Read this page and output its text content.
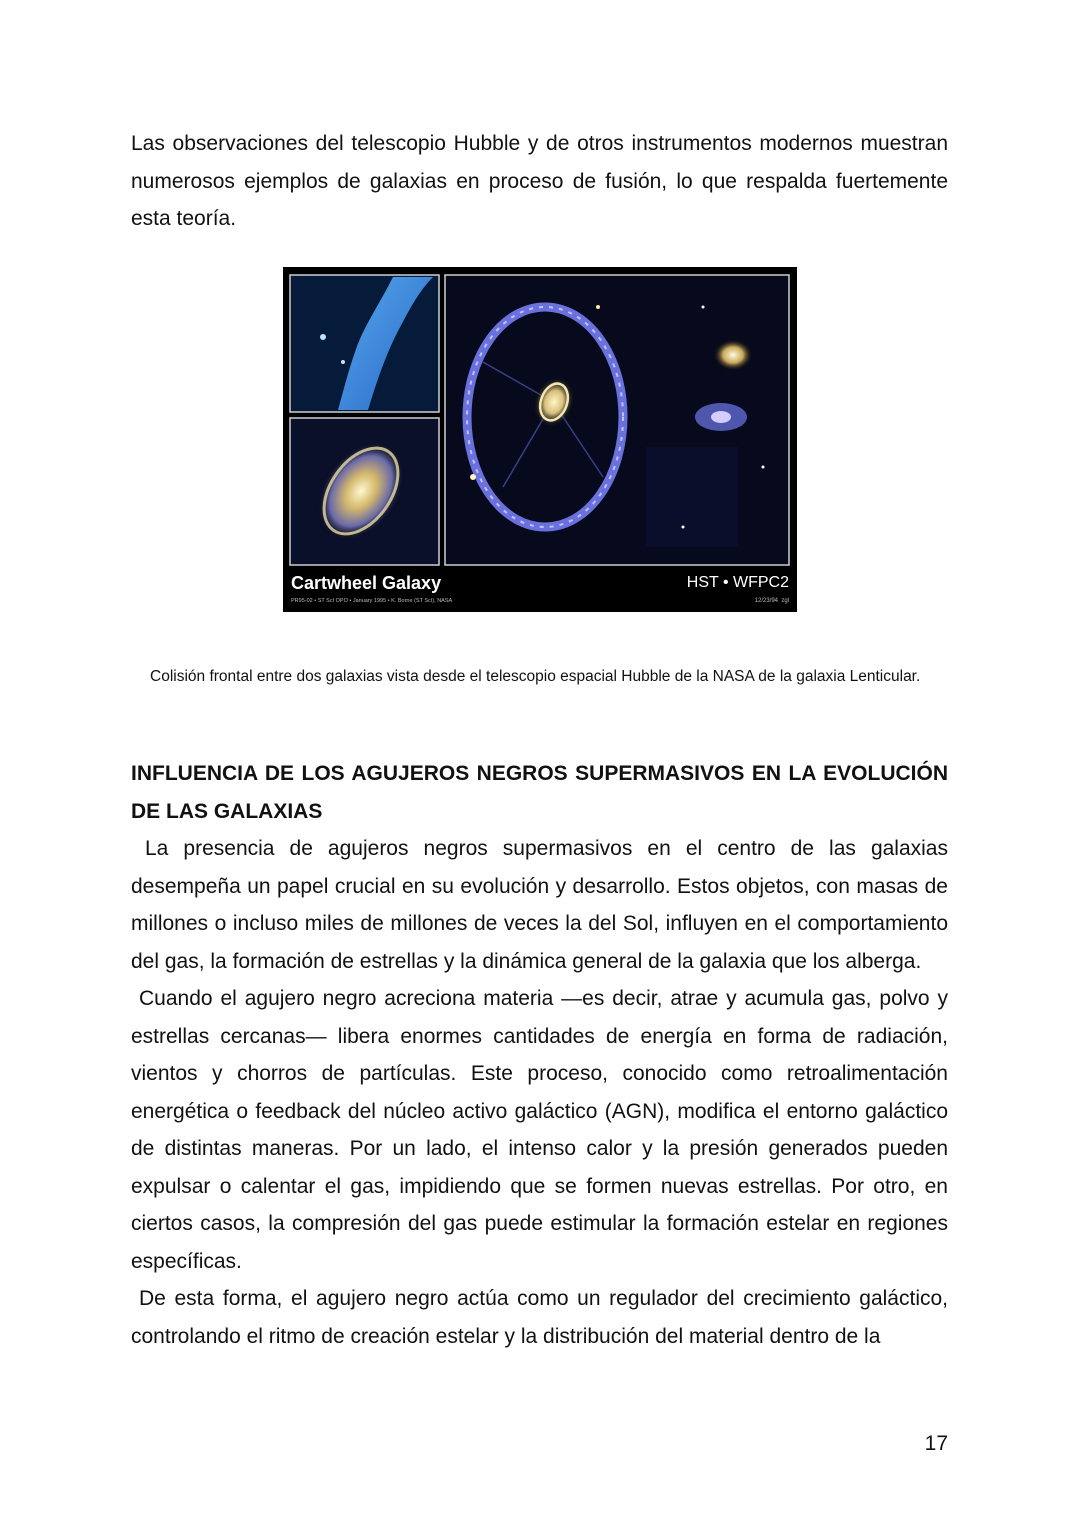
Las observaciones del telescopio Hubble y de otros instrumentos modernos muestran numerosos ejemplos de galaxias en proceso de fusión, lo que respalda fuertemente esta teoría.

Cartwheel Galaxy
PR95-02 • ST ScI OPO • January 1995 • K. Borne (ST ScI), NASA
HST • WFPC2
12/23/94  zgl

Colisión frontal entre dos galaxias vista desde el telescopio espacial Hubble de la NASA de la galaxia Lenticular.

INFLUENCIA DE LOS AGUJEROS NEGROS SUPERMASIVOS EN LA EVOLUCIÓN DE LAS GALAXIAS

La presencia de agujeros negros supermasivos en el centro de las galaxias desempeña un papel crucial en su evolución y desarrollo. Estos objetos, con masas de millones o incluso miles de millones de veces la del Sol, influyen en el comportamiento del gas, la formación de estrellas y la dinámica general de la galaxia que los alberga.

Cuando el agujero negro acreciona materia —es decir, atrae y acumula gas, polvo y estrellas cercanas— libera enormes cantidades de energía en forma de radiación, vientos y chorros de partículas. Este proceso, conocido como retroalimentación energética o feedback del núcleo activo galáctico (AGN), modifica el entorno galáctico de distintas maneras. Por un lado, el intenso calor y la presión generados pueden expulsar o calentar el gas, impidiendo que se formen nuevas estrellas. Por otro, en ciertos casos, la compresión del gas puede estimular la formación estelar en regiones específicas.

De esta forma, el agujero negro actúa como un regulador del crecimiento galáctico, controlando el ritmo de creación estelar y la distribución del material dentro de la

17
